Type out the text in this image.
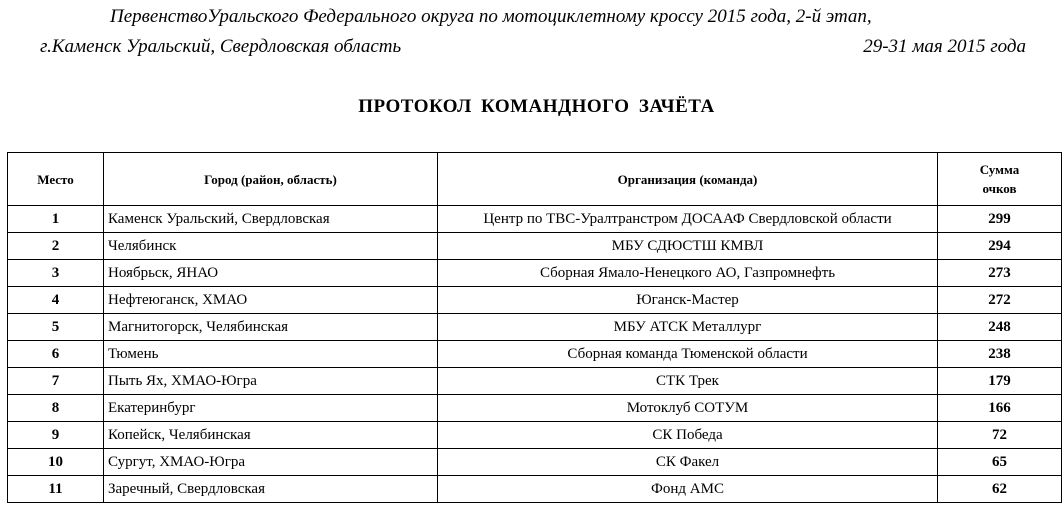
ПервенствоУральского Федерального округа по мотоциклетному кроссу 2015 года, 2-й этап,
г.Каменск Уральский, Свердловская область	29-31 мая 2015 года
ПРОТОКОЛ КОМАНДНОГО ЗАЧЁТА
Место	Город (район, область)	Организация (команда)	Сумма
очков

1	Каменск Уральский, Свердловская	Центр по ТВС-Уралтранстром ДОСААФ Свердловской области	299
2	Челябинск	МБУ СДЮСТШ КМВЛ	294
3	Ноябрьск, ЯНАО	Сборная Ямало-Ненецкого АО, Газпромнефть	273
4	Нефтеюганск, ХМАО	Юганск-Мастер	272
5	Магнитогорск, Челябинская	МБУ АТСК Металлург	248
6	Тюмень	Сборная команда Тюменской области	238
7	Пыть Ях, ХМАО-Югра	СТК Трек	179
8	Екатеринбург	Мотоклуб СОТУМ	166
9	Копейск, Челябинская	СК Победа	72
10	Сургут, ХМАО-Югра	СК Факел	65
11	Заречный, Свердловская	Фонд АМС	62
